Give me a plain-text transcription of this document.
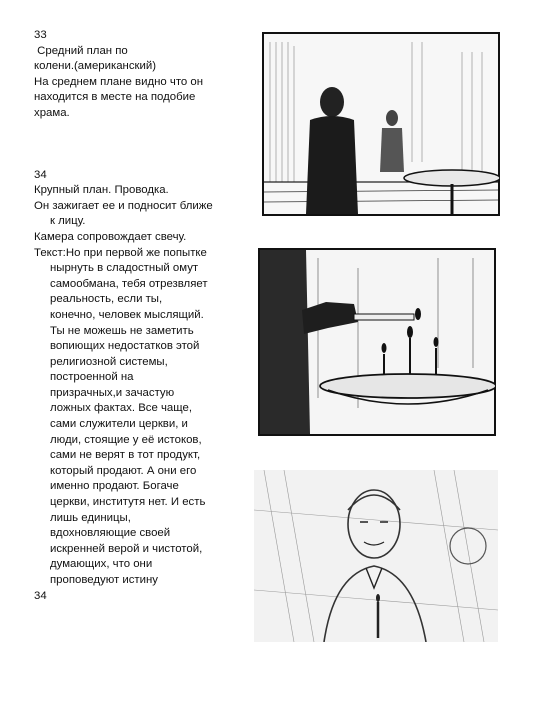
33

Средний план по

колени.(американский)

На среднем плане видно что он

находится в месте на подобие

храма.

34

Крупный план. Проводка.

Он зажигает ее и подносит ближе

к лицу.

Камера сопровождает свечу.

Текст:Но при первой же попытке

нырнуть в сладостный омут

самообмана, тебя отрезвляет

реальность, если ты,

конечно, человек мыслящий.

Ты не можешь не заметить

вопиющих недостатков этой

религиозной системы,

построенной на

призрачных,и зачастую

ложных фактах. Все чаще,

сами служители церкви, и

люди, стоящие у её истоков,

сами не верят в тот продукт,

который продают. А они его

именно продают. Богаче

церкви, институтя нет. И есть

лишь единицы,

вдохновляющие своей

искренней верой и чистотой,

думающих, что они

проповедуют истину

34
